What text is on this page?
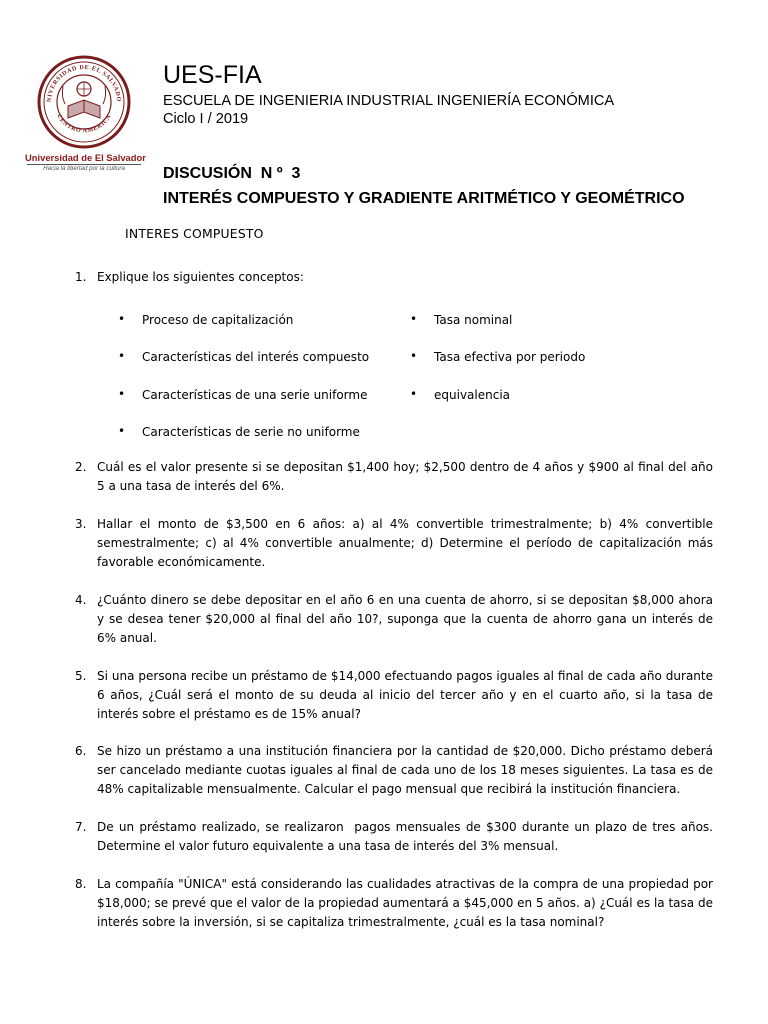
NIVERSIDAD DE EL SALVADO
CENTRO AMERICA
Universidad de El Salvador
Hacia la libertad por la cultura
UES-FIA
ESCUELA DE INGENIERIA INDUSTRIAL INGENIERÍA ECONÓMICA
Ciclo I / 2019
DISCUSIÓN  N º  3
INTERÉS COMPUESTO Y GRADIENTE ARITMÉTICO Y GEOMÉTRICO
INTERES COMPUESTO
1. Explique los siguientes conceptos:
• Proceso de capitalización
• Características del interés compuesto
• Características de una serie uniforme
• Características de serie no uniforme
• Tasa nominal
• Tasa efectiva por periodo
• equivalencia
2. Cuál es el valor presente si se depositan $1,400 hoy; $2,500 dentro de 4 años y $900 al final del año 5 a una tasa de interés del 6%.
3. Hallar el monto de $3,500 en 6 años: a) al 4% convertible trimestralmente; b) 4% convertible semestralmente; c) al 4% convertible anualmente; d) Determine el período de capitalización más favorable económicamente.
4. ¿Cuánto dinero se debe depositar en el año 6 en una cuenta de ahorro, si se depositan $8,000 ahora y se desea tener $20,000 al final del año 10?, suponga que la cuenta de ahorro gana un interés de 6% anual.
5. Si una persona recibe un préstamo de $14,000 efectuando pagos iguales al final de cada año durante 6 años, ¿Cuál será el monto de su deuda al inicio del tercer año y en el cuarto año, si la tasa de interés sobre el préstamo es de 15% anual?
6. Se hizo un préstamo a una institución financiera por la cantidad de $20,000. Dicho préstamo deberá ser cancelado mediante cuotas iguales al final de cada uno de los 18 meses siguientes. La tasa es de 48% capitalizable mensualmente. Calcular el pago mensual que recibirá la institución financiera.
7. De un préstamo realizado, se realizaron  pagos mensuales de $300 durante un plazo de tres años. Determine el valor futuro equivalente a una tasa de interés del 3% mensual.
8. La compañía "ÚNICA" está considerando las cualidades atractivas de la compra de una propiedad por $18,000; se prevé que el valor de la propiedad aumentará a $45,000 en 5 años. a) ¿Cuál es la tasa de interés sobre la inversión, si se capitaliza trimestralmente, ¿cuál es la tasa nominal?
